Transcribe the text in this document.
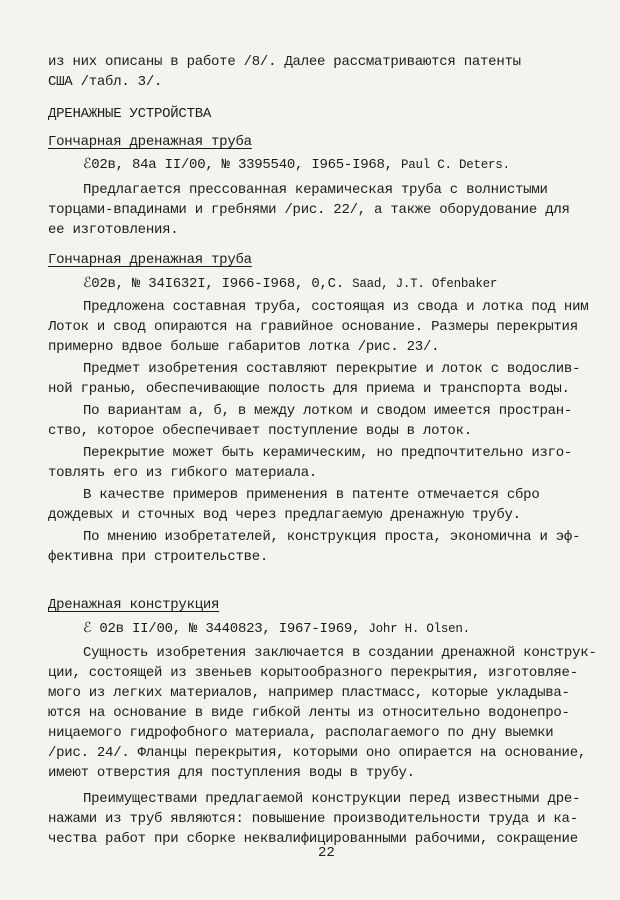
из них описаны в работе /8/. Далее рассматриваются патенты
США /табл. 3/.
ДРЕНАЖНЫЕ УСТРОЙСТВА
Гончарная дренажная труба
ℰ02в, 84а II/00, № 3395540, I965-I968, Paul C. Deters.
Предлагается прессованная керамическая труба с волнистыми
торцами-впадинами и гребнями /рис. 22/, а также оборудование для
ее изготовления.
Гончарная дренажная труба
ℰ02в, № 34I632I, I966-I968, 0,С. Saad, J.T. Ofenbaker
Предложена составная труба, состоящая из свода и лотка под ним
Лоток и свод опираются на гравийное основание. Размеры перекрытия
примерно вдвое больше габаритов лотка /рис. 23/.
Предмет изобретения составляют перекрытие и лоток с водослив-
ной гранью, обеспечивающие полость для приема и транспорта воды.
По вариантам а, б, в между лотком и сводом имеется простран-
ство, которое обеспечивает поступление воды в лоток.
Перекрытие может быть керамическим, но предпочтительно изго-
товлять его из гибкого материала.
В качестве примеров применения в патенте отмечается сбро
дождевых и сточных вод через предлагаемую дренажную трубу.
По мнению изобретателей, конструкция проста, экономична и эф-
фективна при строительстве.
Дренажная конструкция
ℰ 02в II/00, № 3440823, I967-I969, Johr H. Olsen.
Сущность изобретения заключается в создании дренажной конструк-
ции, состоящей из звеньев корытообразного перекрытия, изготовляе-
мого из легких материалов, например пластмасс, которые укладыва-
ются на основание в виде гибкой ленты из относительно водонепро-
ницаемого гидрофобного материала, располагаемого по дну выемки
/рис. 24/. Фланцы перекрытия, которыми оно опирается на основание,
имеют отверстия для поступления воды в трубу.
Преимуществами предлагаемой конструкции перед известными дре-
нажами из труб являются: повышение производительности труда и ка-
чества работ при сборке неквалифицированными рабочими, сокращение
22
